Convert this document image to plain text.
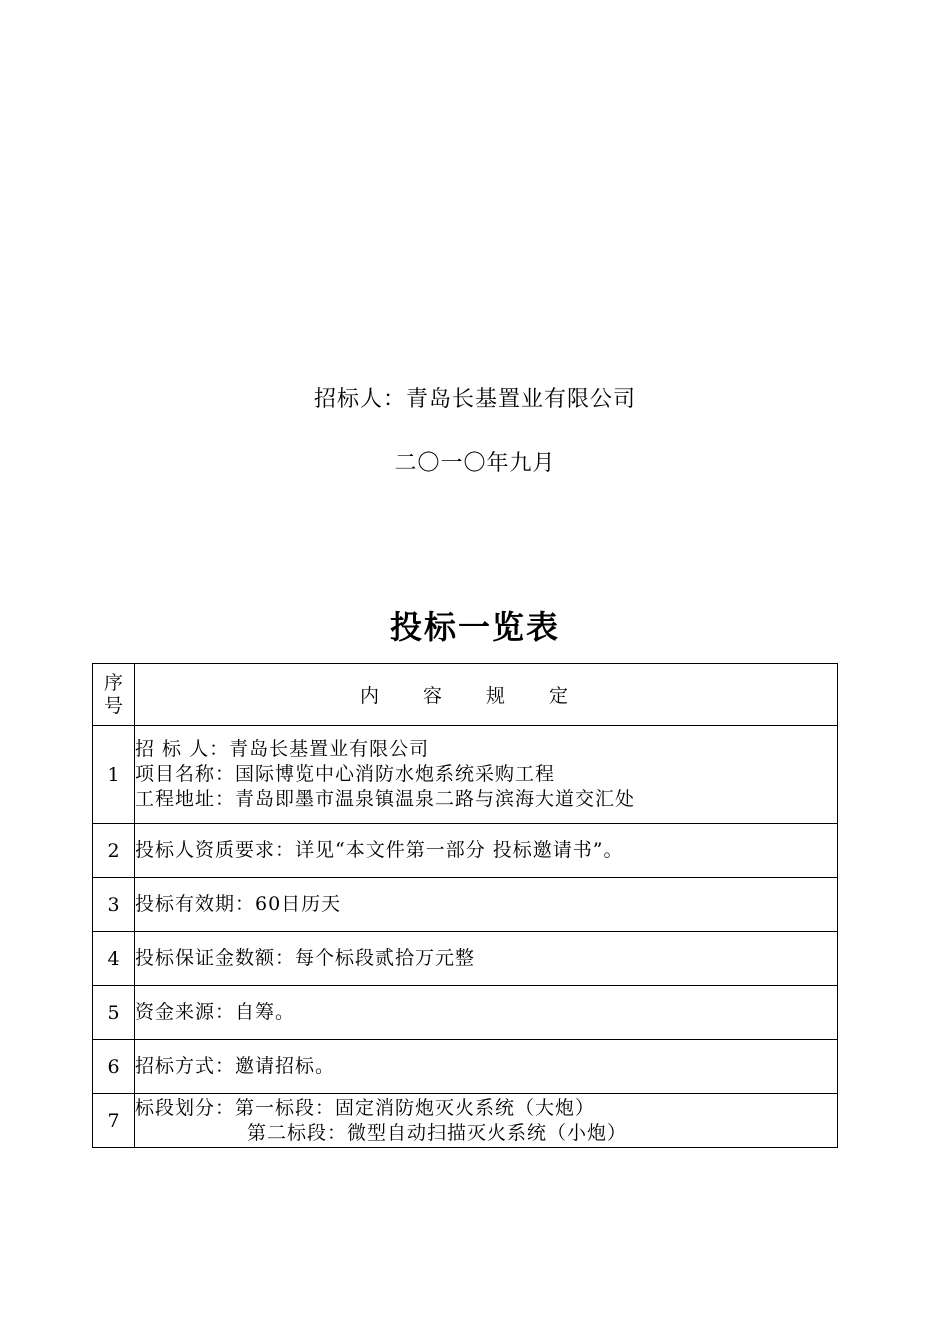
招标人：青岛长基置业有限公司
二〇一〇年九月
投标一览表
序
号	内容规定
1	招 标 人：青岛长基置业有限公司
项目名称：国际博览中心消防水炮系统采购工程
工程地址：青岛即墨市温泉镇温泉二路与滨海大道交汇处

2	投标人资质要求：详见“本文件第一部分 投标邀请书”。

3	投标有效期：60日历天

4	投标保证金数额：每个标段贰拾万元整

5	资金来源：自筹。

6	招标方式：邀请招标。

7	标段划分：第一标段：固定消防炮灭火系统（大炮）
第二标段：微型自动扫描灭火系统（小炮）
